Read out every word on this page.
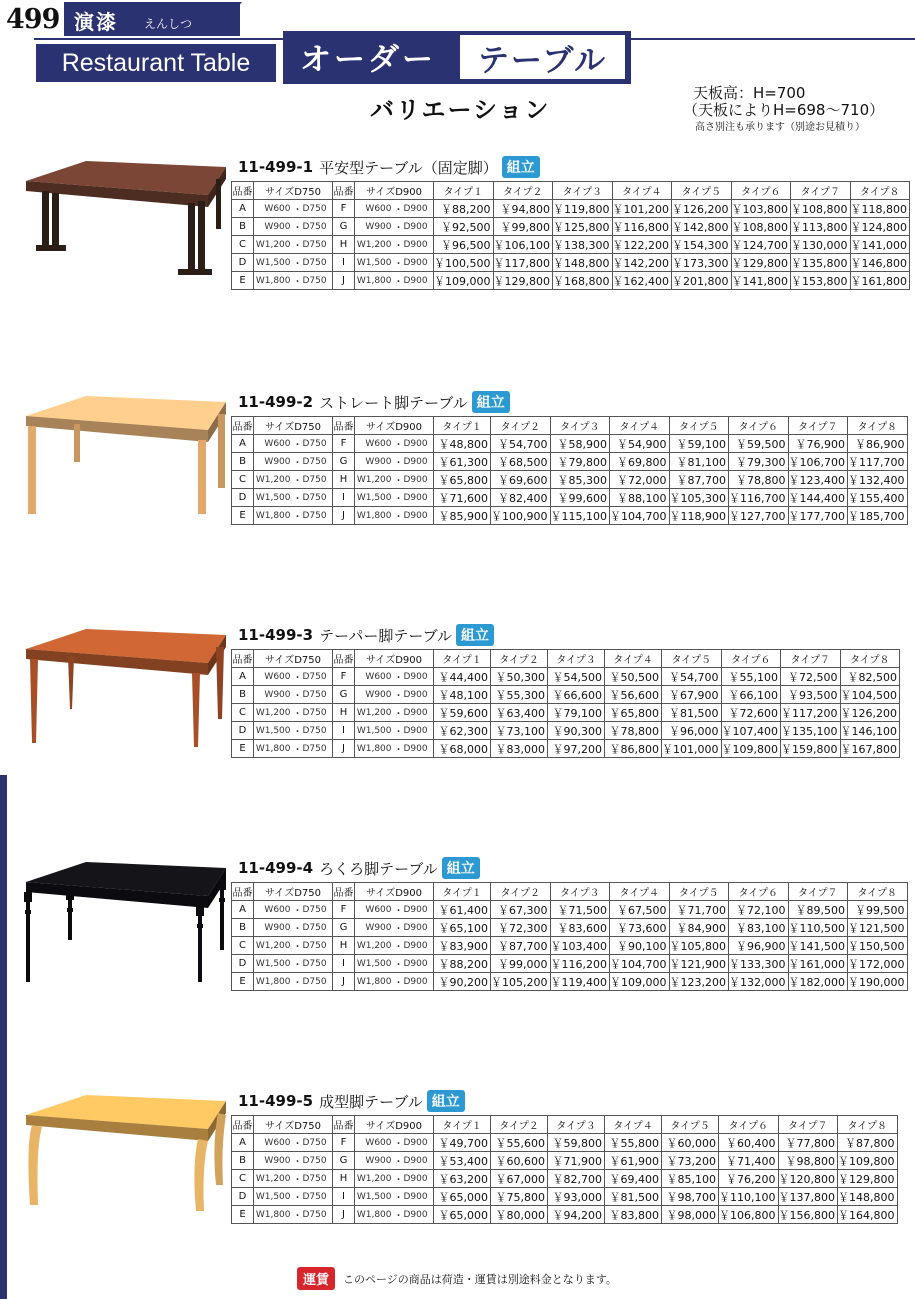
499 演漆 えんしつ
Restaurant Table	オーダー	テーブル
バリエーション
天板高：H=700
（天板によりH=698～710）
高さ別注も承ります（別途お見積り）
11-499-1 平安型テーブル（固定脚） 組立
品番	サイズD750			品番	サイズD900			タイプ１	タイプ２	タイプ３	タイプ４	タイプ５	タイプ６	タイプ７	タイプ８
A	W600	・	D750	F	W600	・	D900	￥88,200	￥94,800	￥119,800	￥101,200	￥126,200	￥103,800	￥108,800	￥118,800
B	W900	・	D750	G	W900	・	D900	￥92,500	￥99,800	￥125,800	￥116,800	￥142,800	￥108,800	￥113,800	￥124,800
C	W1,200	・	D750	H	W1,200	・	D900	￥96,500	￥106,100	￥138,300	￥122,200	￥154,300	￥124,700	￥130,000	￥141,000
D	W1,500	・	D750	I	W1,500	・	D900	￥100,500	￥117,800	￥148,800	￥142,200	￥173,300	￥129,800	￥135,800	￥146,800
E	W1,800	・	D750	J	W1,800	・	D900	￥109,000	￥129,800	￥168,800	￥162,400	￥201,800	￥141,800	￥153,800	￥161,800
11-499-2 ストレート脚テーブル 組立
品番	サイズD750			品番	サイズD900			タイプ１	タイプ２	タイプ３	タイプ４	タイプ５	タイプ６	タイプ７	タイプ８
A	W600	・	D750	F	W600	・	D900	￥48,800	￥54,700	￥58,900	￥54,900	￥59,100	￥59,500	￥76,900	￥86,900
B	W900	・	D750	G	W900	・	D900	￥61,300	￥68,500	￥79,800	￥69,800	￥81,100	￥79,300	￥106,700	￥117,700
C	W1,200	・	D750	H	W1,200	・	D900	￥65,800	￥69,600	￥85,300	￥72,000	￥87,700	￥78,800	￥123,400	￥132,400
D	W1,500	・	D750	I	W1,500	・	D900	￥71,600	￥82,400	￥99,600	￥88,100	￥105,300	￥116,700	￥144,400	￥155,400
E	W1,800	・	D750	J	W1,800	・	D900	￥85,900	￥100,900	￥115,100	￥104,700	￥118,900	￥127,700	￥177,700	￥185,700
11-499-3 テーパー脚テーブル 組立
品番	サイズD750			品番	サイズD900			タイプ１	タイプ２	タイプ３	タイプ４	タイプ５	タイプ６	タイプ７	タイプ８
A	W600	・	D750	F	W600	・	D900	￥44,400	￥50,300	￥54,500	￥50,500	￥54,700	￥55,100	￥72,500	￥82,500
B	W900	・	D750	G	W900	・	D900	￥48,100	￥55,300	￥66,600	￥56,600	￥67,900	￥66,100	￥93,500	￥104,500
C	W1,200	・	D750	H	W1,200	・	D900	￥59,600	￥63,400	￥79,100	￥65,800	￥81,500	￥72,600	￥117,200	￥126,200
D	W1,500	・	D750	I	W1,500	・	D900	￥62,300	￥73,100	￥90,300	￥78,800	￥96,000	￥107,400	￥135,100	￥146,100
E	W1,800	・	D750	J	W1,800	・	D900	￥68,000	￥83,000	￥97,200	￥86,800	￥101,000	￥109,800	￥159,800	￥167,800
11-499-4 ろくろ脚テーブル 組立
品番	サイズD750			品番	サイズD900			タイプ１	タイプ２	タイプ３	タイプ４	タイプ５	タイプ６	タイプ７	タイプ８
A	W600	・	D750	F	W600	・	D900	￥61,400	￥67,300	￥71,500	￥67,500	￥71,700	￥72,100	￥89,500	￥99,500
B	W900	・	D750	G	W900	・	D900	￥65,100	￥72,300	￥83,600	￥73,600	￥84,900	￥83,100	￥110,500	￥121,500
C	W1,200	・	D750	H	W1,200	・	D900	￥83,900	￥87,700	￥103,400	￥90,100	￥105,800	￥96,900	￥141,500	￥150,500
D	W1,500	・	D750	I	W1,500	・	D900	￥88,200	￥99,000	￥116,200	￥104,700	￥121,900	￥133,300	￥161,000	￥172,000
E	W1,800	・	D750	J	W1,800	・	D900	￥90,200	￥105,200	￥119,400	￥109,000	￥123,200	￥132,000	￥182,000	￥190,000
11-499-5 成型脚テーブル 組立
品番	サイズD750			品番	サイズD900			タイプ１	タイプ２	タイプ３	タイプ４	タイプ５	タイプ６	タイプ７	タイプ８
A	W600	・	D750	F	W600	・	D900	￥49,700	￥55,600	￥59,800	￥55,800	￥60,000	￥60,400	￥77,800	￥87,800
B	W900	・	D750	G	W900	・	D900	￥53,400	￥60,600	￥71,900	￥61,900	￥73,200	￥71,400	￥98,800	￥109,800
C	W1,200	・	D750	H	W1,200	・	D900	￥63,200	￥67,000	￥82,700	￥69,400	￥85,100	￥76,200	￥120,800	￥129,800
D	W1,500	・	D750	I	W1,500	・	D900	￥65,000	￥75,800	￥93,000	￥81,500	￥98,700	￥110,100	￥137,800	￥148,800
E	W1,800	・	D750	J	W1,800	・	D900	￥65,000	￥80,000	￥94,200	￥83,800	￥98,000	￥106,800	￥156,800	￥164,800
運賃	このページの商品は荷造・運賃は別途料金となります。
